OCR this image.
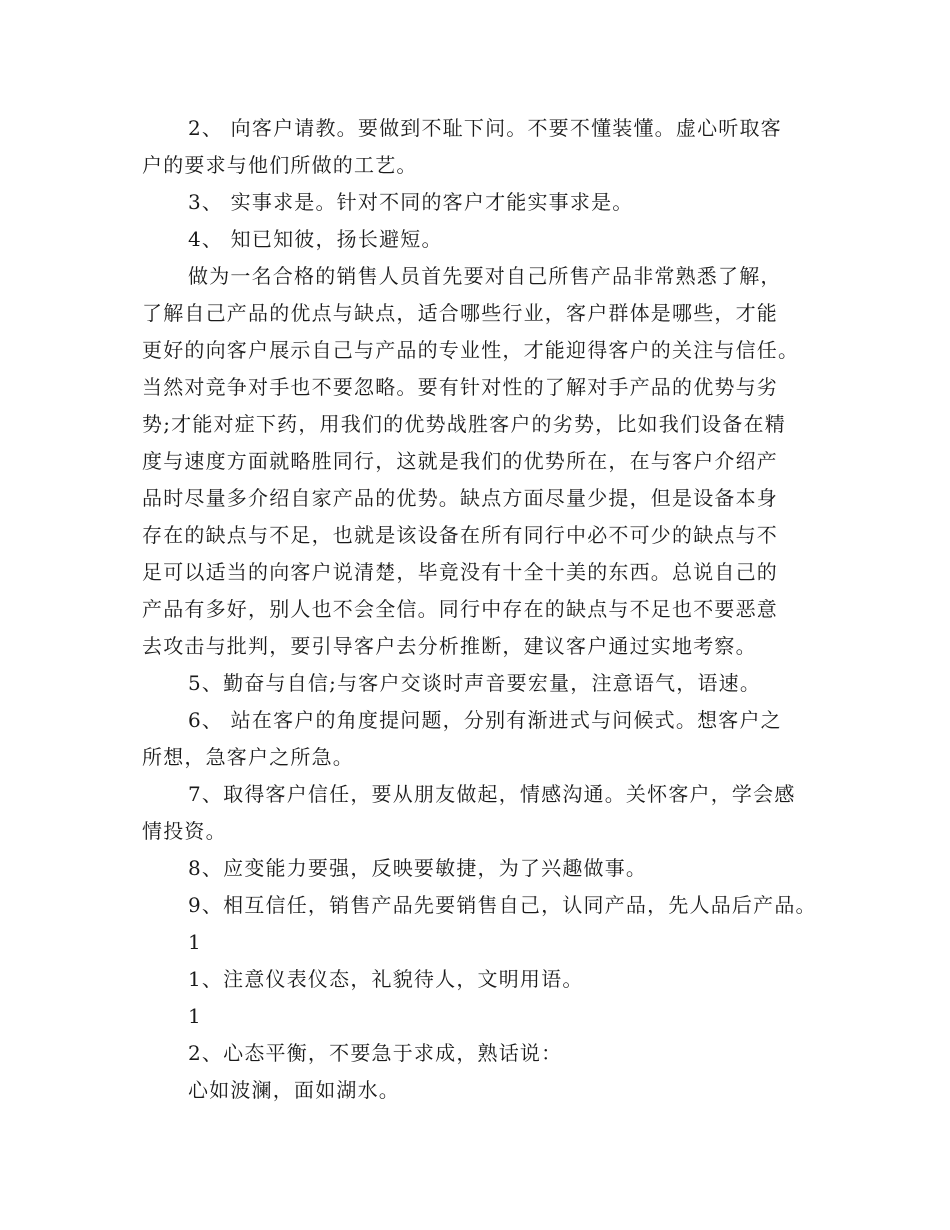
2、 向客户请教。要做到不耻下问。不要不懂装懂。虚心听取客
户的要求与他们所做的工艺。
3、 实事求是。针对不同的客户才能实事求是。
4、 知已知彼，扬长避短。
做为一名合格的销售人员首先要对自己所售产品非常熟悉了解，
了解自己产品的优点与缺点，适合哪些行业，客户群体是哪些，才能
更好的向客户展示自己与产品的专业性，才能迎得客户的关注与信任。
当然对竞争对手也不要忽略。要有针对性的了解对手产品的优势与劣
势;才能对症下药，用我们的优势战胜客户的劣势，比如我们设备在精
度与速度方面就略胜同行，这就是我们的优势所在，在与客户介绍产
品时尽量多介绍自家产品的优势。缺点方面尽量少提，但是设备本身
存在的缺点与不足，也就是该设备在所有同行中必不可少的缺点与不
足可以适当的向客户说清楚，毕竟没有十全十美的东西。总说自己的
产品有多好，别人也不会全信。同行中存在的缺点与不足也不要恶意
去攻击与批判，要引导客户去分析推断，建议客户通过实地考察。
5、勤奋与自信;与客户交谈时声音要宏量，注意语气，语速。
6、 站在客户的角度提问题，分别有渐进式与问候式。想客户之
所想，急客户之所急。
7、取得客户信任，要从朋友做起，情感沟通。关怀客户，学会感
情投资。
8、应变能力要强，反映要敏捷，为了兴趣做事。
9、相互信任，销售产品先要销售自己，认同产品，先人品后产品。
1
1、注意仪表仪态，礼貌待人，文明用语。
1
2、心态平衡，不要急于求成，熟话说：
心如波澜，面如湖水。
